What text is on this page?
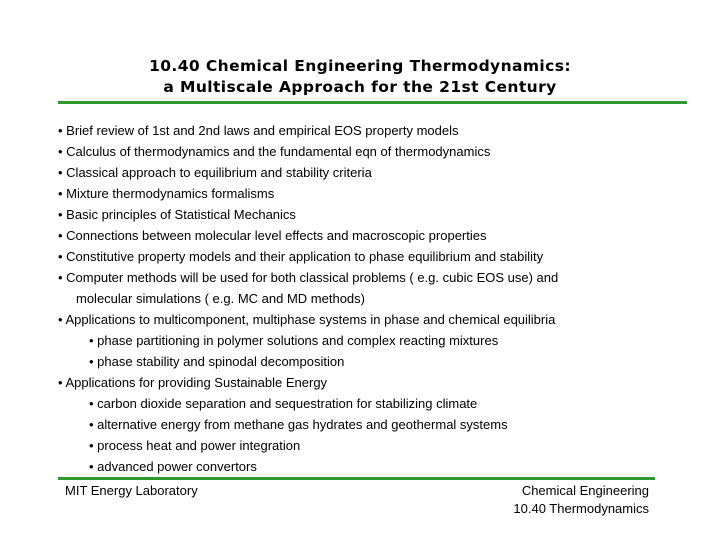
10.40 Chemical Engineering Thermodynamics:
a Multiscale Approach for the 21st Century
• Brief review of 1st and 2nd laws and empirical EOS property models
• Calculus of thermodynamics and the fundamental eqn of thermodynamics
• Classical approach to equilibrium and stability criteria
• Mixture thermodynamics formalisms
• Basic principles of Statistical Mechanics
• Connections between molecular level effects and macroscopic properties
• Constitutive property models and their application to phase equilibrium and stability
• Computer methods will be used for both classical problems ( e.g. cubic EOS use) and
molecular simulations ( e.g. MC and MD methods)
• Applications to multicomponent, multiphase systems in phase and chemical equilibria
• phase partitioning in polymer solutions and complex reacting mixtures
• phase stability and spinodal decomposition
• Applications for providing Sustainable Energy
• carbon dioxide separation and sequestration for stabilizing climate
• alternative energy from methane gas hydrates and geothermal systems
• process heat and power integration
• advanced power convertors
MIT Energy Laboratory	Chemical Engineering
10.40 Thermodynamics
